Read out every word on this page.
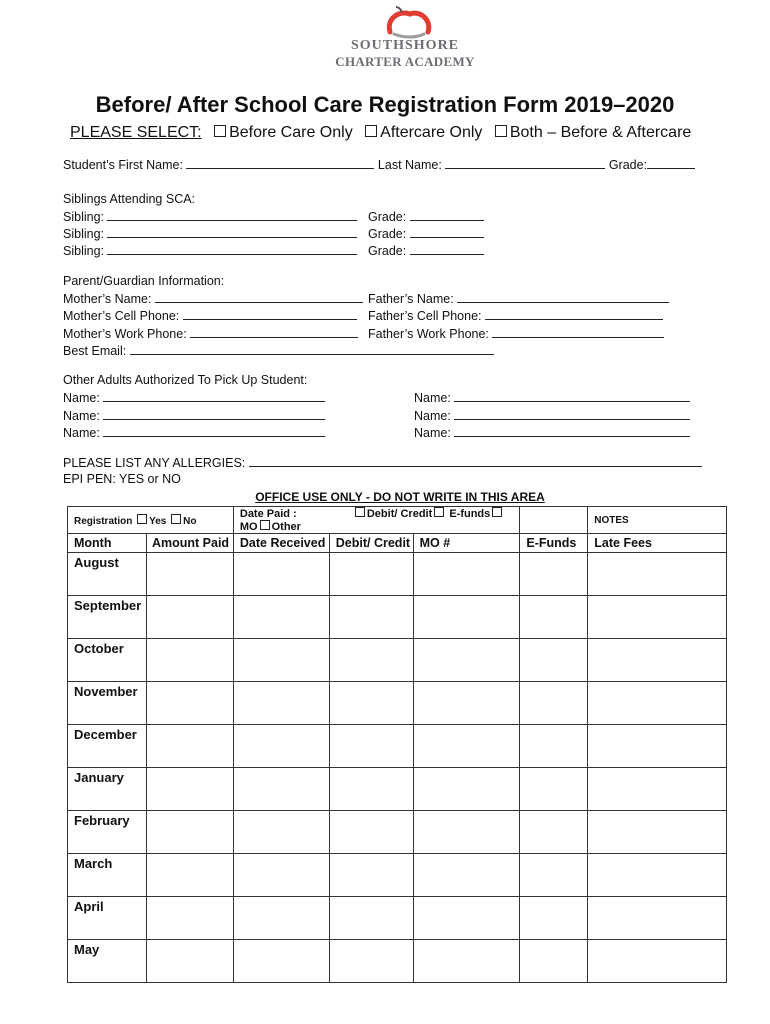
SOUTHSHORE
CHARTER ACADEMY
Before/ After School Care Registration Form 2019–2020
PLEASE SELECT: Before Care Only Aftercare Only Both – Before & Aftercare
Student’s First Name:	Last Name:	Grade:
Siblings Attending SCA:
Sibling:	Grade:
Sibling:	Grade:
Sibling:	Grade:
Parent/Guardian Information:
Mother’s Name:	Father’s Name:
Mother’s Cell Phone:	Father’s Cell Phone:
Mother’s Work Phone:	Father’s Work Phone:
Best Email:
Other Adults Authorized To Pick Up Student:
Name:	Name:
Name:	Name:
Name:	Name:
PLEASE LIST ANY ALLERGIES:
EPI PEN: YES or NO
OFFICE USE ONLY - DO NOT WRITE IN THIS AREA
Registration Yes No		Date Paid : Debit/ Credit E-fundsMO Other				NOTES
Month	Amount Paid	Date Received	Debit/ Credit	MO #	E-Funds	Late Fees
August						
September						
October						
November						
December						
January						
February						
March						
April						
May						
